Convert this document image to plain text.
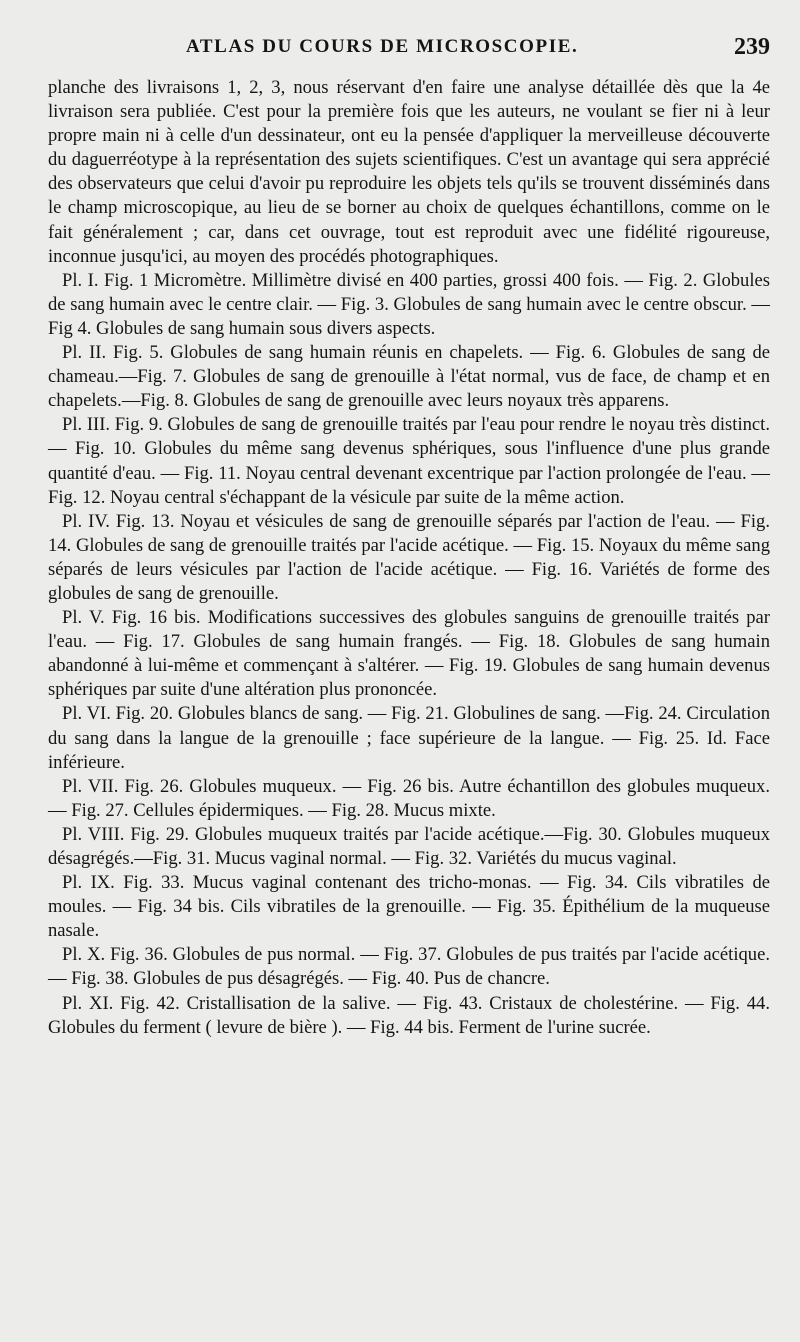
ATLAS DU COURS DE MICROSCOPIE.	239

planche des livraisons 1, 2, 3, nous réservant d'en faire une analyse détaillée dès que la 4e livraison sera publiée. C'est pour la première fois que les auteurs, ne voulant se fier ni à leur propre main ni à celle d'un dessinateur, ont eu la pensée d'appliquer la merveilleuse découverte du daguerréotype à la représentation des sujets scientifiques. C'est un avantage qui sera apprécié des observateurs que celui d'avoir pu reproduire les objets tels qu'ils se trouvent disséminés dans le champ microscopique, au lieu de se borner au choix de quelques échantillons, comme on le fait généralement ; car, dans cet ouvrage, tout est reproduit avec une fidélité rigoureuse, inconnue jusqu'ici, au moyen des procédés photographiques.

Pl. I. Fig. 1 Micromètre. Millimètre divisé en 400 parties, grossi 400 fois. — Fig. 2. Globules de sang humain avec le centre clair. — Fig. 3. Globules de sang humain avec le centre obscur. — Fig 4. Globules de sang humain sous divers aspects.

Pl. II. Fig. 5. Globules de sang humain réunis en chapelets. — Fig. 6. Globules de sang de chameau.—Fig. 7. Globules de sang de grenouille à l'état normal, vus de face, de champ et en chapelets.—Fig. 8. Globules de sang de grenouille avec leurs noyaux très apparens.

Pl. III. Fig. 9. Globules de sang de grenouille traités par l'eau pour rendre le noyau très distinct. — Fig. 10. Globules du même sang devenus sphériques, sous l'influence d'une plus grande quantité d'eau. — Fig. 11. Noyau central devenant excentrique par l'action prolongée de l'eau. — Fig. 12. Noyau central s'échappant de la vésicule par suite de la même action.

Pl. IV. Fig. 13. Noyau et vésicules de sang de grenouille séparés par l'action de l'eau. — Fig. 14. Globules de sang de grenouille traités par l'acide acétique. — Fig. 15. Noyaux du même sang séparés de leurs vésicules par l'action de l'acide acétique. — Fig. 16. Variétés de forme des globules de sang de grenouille.

Pl. V. Fig. 16 bis. Modifications successives des globules sanguins de grenouille traités par l'eau. — Fig. 17. Globules de sang humain frangés. — Fig. 18. Globules de sang humain abandonné à lui-même et commençant à s'altérer. — Fig. 19. Globules de sang humain devenus sphériques par suite d'une altération plus prononcée.

Pl. VI. Fig. 20. Globules blancs de sang. — Fig. 21. Globulines de sang. —Fig. 24. Circulation du sang dans la langue de la grenouille ; face supérieure de la langue. — Fig. 25. Id. Face inférieure.

Pl. VII. Fig. 26. Globules muqueux. — Fig. 26 bis. Autre échantillon des globules muqueux. — Fig. 27. Cellules épidermiques. — Fig. 28. Mucus mixte.

Pl. VIII. Fig. 29. Globules muqueux traités par l'acide acétique.—Fig. 30. Globules muqueux désagrégés.—Fig. 31. Mucus vaginal normal. — Fig. 32. Variétés du mucus vaginal.

Pl. IX. Fig. 33. Mucus vaginal contenant des tricho-monas. — Fig. 34. Cils vibratiles de moules. — Fig. 34 bis. Cils vibratiles de la grenouille. — Fig. 35. Épithélium de la muqueuse nasale.

Pl. X. Fig. 36. Globules de pus normal. — Fig. 37. Globules de pus traités par l'acide acétique. — Fig. 38. Globules de pus désagrégés. — Fig. 40. Pus de chancre.

Pl. XI. Fig. 42. Cristallisation de la salive. — Fig. 43. Cristaux de cholestérine. — Fig. 44. Globules du ferment ( levure de bière ). — Fig. 44 bis. Ferment de l'urine sucrée.
